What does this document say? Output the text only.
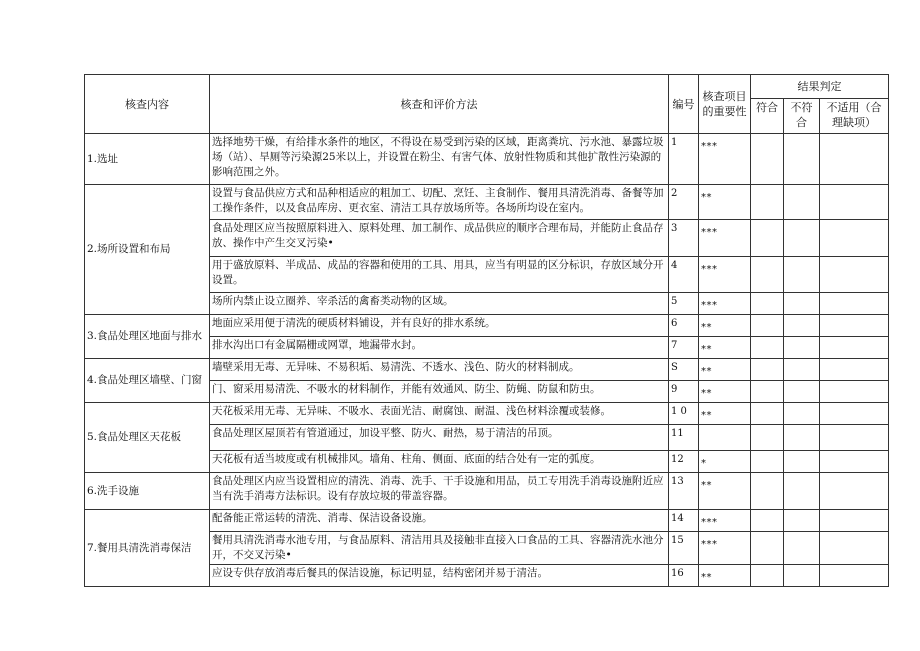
核查内容	核查和评价方法	编号	核查项目的重要性	结果判定		
				符合	不符合	不适用（合理缺项）
1.选址	选择地势干燥，有给排水条件的地区，不得设在易受到污染的区域，距离粪坑、污水池、暴露垃圾场（站）、旱厕等污染源25米以上，并设置在粉尘、有害气体、放射性物质和其他扩散性污染源的影响范围之外。	1	***			
2.场所设置和布局	设置与食品供应方式和品种相适应的粗加工、切配、烹饪、主食制作、餐用具清洗消毒、备餐等加工操作条件，以及食品库房、更衣室、清洁工具存放场所等。各场所均设在室内。	2	**			
	食品处理区应当按照原料进入、原料处理、加工制作、成品供应的顺序合理布局，并能防止食品存放、操作中产生交叉污染•	3	***			
	用于盛放原料、半成品、成品的容器和使用的工具、用具，应当有明显的区分标识，存放区域分开设置。	4	***			
	场所内禁止设立圈养、宰杀活的禽畜类动物的区域。	5	***			
3.食品处理区地面与排水	地面应采用便于清洗的硬质材料铺设，并有良好的排水系统。	6	**			
	排水沟出口有金属隔栅或网罩，地漏带水封。	7	**			
4.食品处理区墙壁、门窗	墙壁采用无毒、无异味、不易积垢、易清洗、不透水、浅色、防火的材料制成。	S	**			
	门、窗采用易清洗、不吸水的材料制作，并能有效通风、防尘、防蝇、防鼠和防虫。	9	**			
5.食品处理区天花板	天花板采用无毒、无异味、不吸水、表面光洁、耐腐蚀、耐温、浅色材料涂覆或装修。	1 0	**			
	食品处理区屋顶若有管道通过，加设平整、防火、耐热，易于清洁的吊顶。	11				
	天花板有适当坡度或有机械排风。墙角、柱角、侧面、底面的结合处有一定的弧度。	12	*			
6.洗手设施	食品处理区内应当设置相应的清洗、消毒、洗手、干手设施和用品，员工专用洗手消毒设施附近应当有洗手消毒方法标识。设有存放垃圾的带盖容器。	13	**			
7.餐用具清洗消毒保洁	配备能正常运转的清洗、消毒、保洁设备设施。	14	***			
	餐用具清洗消毒水池专用，与食品原料、清洁用具及接触非直接入口食品的工具、容器清洗水池分开，不交叉污染•	15	***			
	应设专供存放消毒后餐具的保洁设施，标记明显，结构密闭并易于清洁。	16	**			
